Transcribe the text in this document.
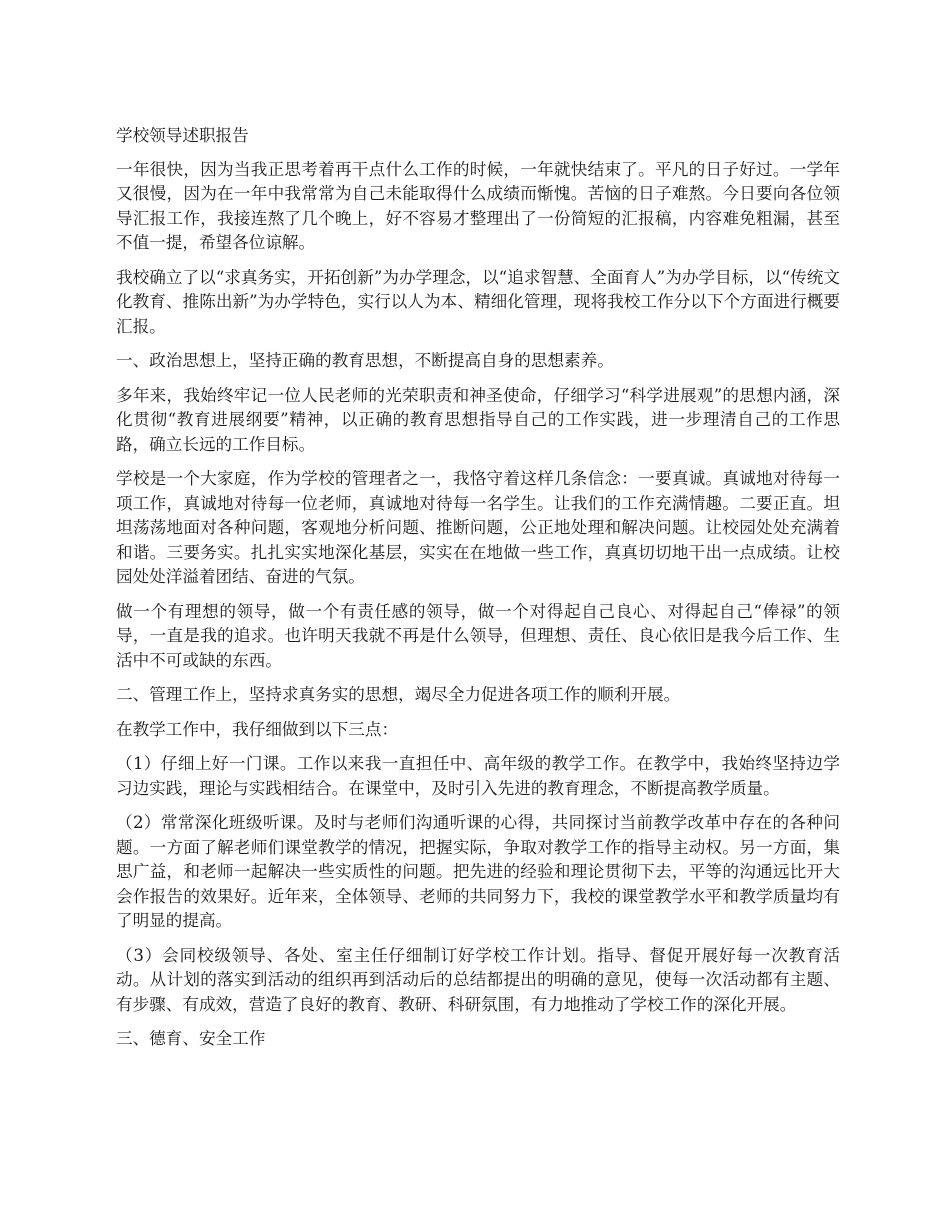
学校领导述职报告

一年很快，因为当我正思考着再干点什么工作的时候，一年就快结束了。平凡的日子好过。一学年又很慢，因为在一年中我常常为自己未能取得什么成绩而惭愧。苦恼的日子难熬。今日要向各位领导汇报工作，我接连熬了几个晚上，好不容易才整理出了一份简短的汇报稿，内容难免粗漏，甚至不值一提，希望各位谅解。

我校确立了以“求真务实，开拓创新”为办学理念，以“追求智慧、全面育人”为办学目标，以“传统文化教育、推陈出新”为办学特色，实行以人为本、精细化管理，现将我校工作分以下个方面进行概要汇报。

一、政治思想上，坚持正确的教育思想，不断提高自身的思想素养。

多年来，我始终牢记一位人民老师的光荣职责和神圣使命，仔细学习“科学进展观”的思想内涵，深化贯彻“教育进展纲要”精神，以正确的教育思想指导自己的工作实践，进一步理清自己的工作思路，确立长远的工作目标。

学校是一个大家庭，作为学校的管理者之一，我恪守着这样几条信念：一要真诚。真诚地对待每一项工作，真诚地对待每一位老师，真诚地对待每一名学生。让我们的工作充满情趣。二要正直。坦坦荡荡地面对各种问题，客观地分析问题、推断问题，公正地处理和解决问题。让校园处处充满着和谐。三要务实。扎扎实实地深化基层，实实在在地做一些工作，真真切切地干出一点成绩。让校园处处洋溢着团结、奋进的气氛。

做一个有理想的领导，做一个有责任感的领导，做一个对得起自己良心、对得起自己“俸禄”的领导，一直是我的追求。也许明天我就不再是什么领导，但理想、责任、良心依旧是我今后工作、生活中不可或缺的东西。

二、管理工作上，坚持求真务实的思想，竭尽全力促进各项工作的顺利开展。

在教学工作中，我仔细做到以下三点：

（1）仔细上好一门课。工作以来我一直担任中、高年级的教学工作。在教学中，我始终坚持边学习边实践，理论与实践相结合。在课堂中，及时引入先进的教育理念，不断提高教学质量。

（2）常常深化班级听课。及时与老师们沟通听课的心得，共同探讨当前教学改革中存在的各种问题。一方面了解老师们课堂教学的情况，把握实际，争取对教学工作的指导主动权。另一方面，集思广益，和老师一起解决一些实质性的问题。把先进的经验和理论贯彻下去，平等的沟通远比开大会作报告的效果好。近年来，全体领导、老师的共同努力下，我校的课堂教学水平和教学质量均有了明显的提高。

（3）会同校级领导、各处、室主任仔细制订好学校工作计划。指导、督促开展好每一次教育活动。从计划的落实到活动的组织再到活动后的总结都提出的明确的意见，使每一次活动都有主题、有步骤、有成效，营造了良好的教育、教研、科研氛围，有力地推动了学校工作的深化开展。

三、德育、安全工作
